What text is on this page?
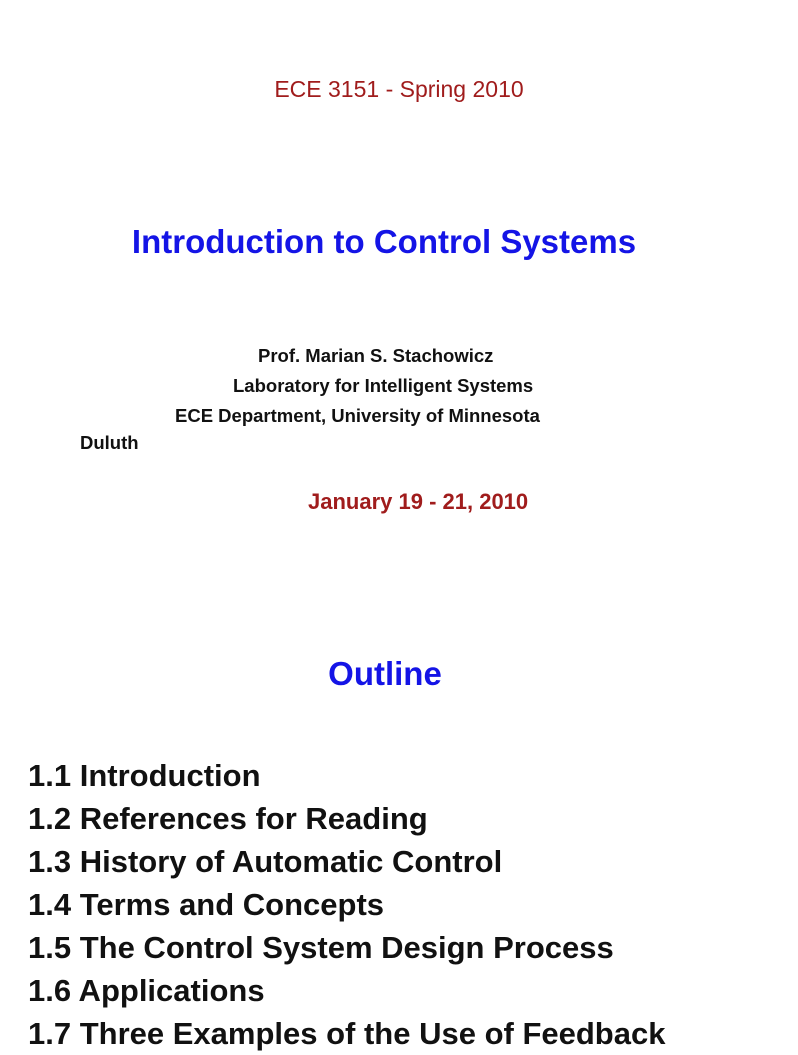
ECE 3151 - Spring 2010
Introduction to Control Systems
Prof. Marian S. Stachowicz
Laboratory for Intelligent Systems
ECE Department, University of Minnesota
Duluth
January 19 - 21, 2010
Outline
1.1 Introduction
1.2 References for Reading
1.3 History of Automatic Control
1.4 Terms and Concepts
1.5 The Control System Design Process
1.6 Applications
1.7 Three Examples of the Use of Feedback
